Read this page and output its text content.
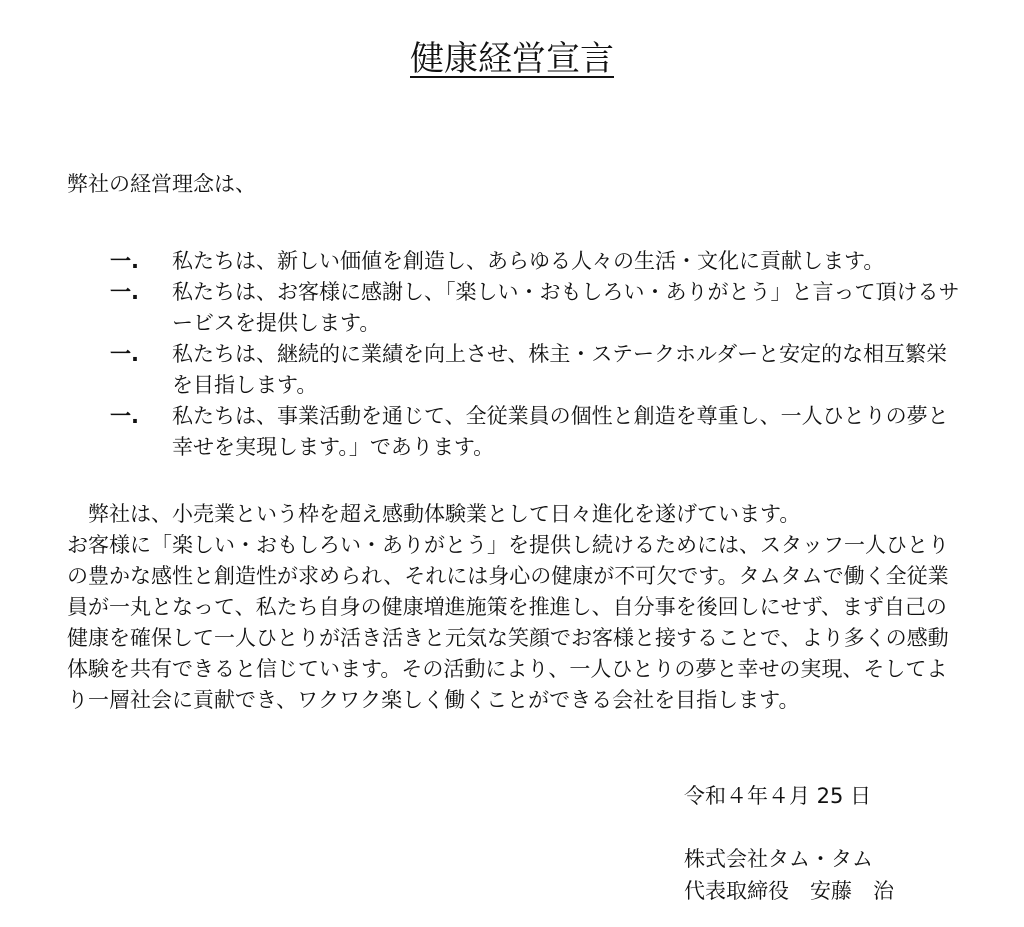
健康経営宣言
弊社の経営理念は、
一.	私たちは、新しい価値を創造し、あらゆる人々の生活・文化に貢献します。
一.	私たちは、お客様に感謝し、「楽しい・おもしろい・ありがとう」と言って頂けるサービスを提供します。
一.	私たちは、継続的に業績を向上させ、株主・ステークホルダーと安定的な相互繁栄を目指します。
一.	私たちは、事業活動を通じて、全従業員の個性と創造を尊重し、一人ひとりの夢と幸せを実現します。」であります。

　弊社は、小売業という枠を超え感動体験業として日々進化を遂げています。

お客様に「楽しい・おもしろい・ありがとう」を提供し続けるためには、スタッフ一人ひとりの豊かな感性と創造性が求められ、それには身心の健康が不可欠です。タムタムで働く全従業員が一丸となって、私たち自身の健康増進施策を推進し、自分事を後回しにせず、まず自己の健康を確保して一人ひとりが活き活きと元気な笑顔でお客様と接することで、より多くの感動体験を共有できると信じています。その活動により、一人ひとりの夢と幸せの実現、そしてより一層社会に貢献でき、ワクワク楽しく働くことができる会社を目指します。

令和４年４月 25 日
株式会社タム・タム
代表取締役　安藤　治
